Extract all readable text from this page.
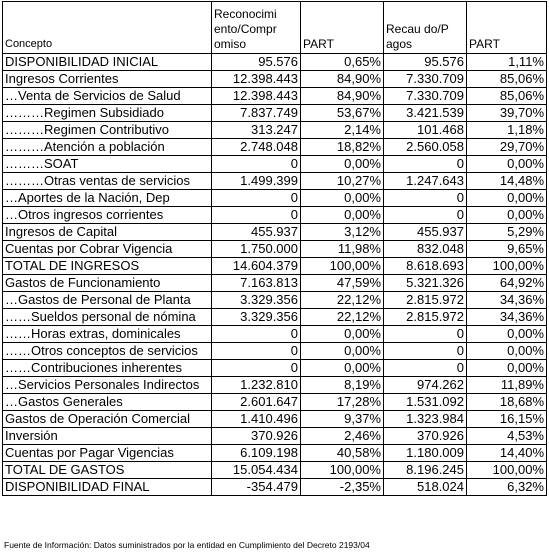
Concepto	Reconocimi ento/Compr omiso	PART	Recau do/P agos	PART
DISPONIBILIDAD INICIAL	95.576	0,65%	95.576	1,11%
Ingresos Corrientes	12.398.443	84,90%	7.330.709	85,06%
…Venta de Servicios de Salud	12.398.443	84,90%	7.330.709	85,06%
………Regimen Subsidiado	7.837.749	53,67%	3.421.539	39,70%
………Regimen Contributivo	313.247	2,14%	101.468	1,18%
………Atención a población	2.748.048	18,82%	2.560.058	29,70%
………SOAT	0	0,00%	0	0,00%
………Otras ventas de servicios	1.499.399	10,27%	1.247.643	14,48%
…Aportes de la Nación, Dep	0	0,00%	0	0,00%
…Otros ingresos corrientes	0	0,00%	0	0,00%
Ingresos de Capital	455.937	3,12%	455.937	5,29%
Cuentas por Cobrar Vigencia	1.750.000	11,98%	832.048	9,65%
TOTAL DE INGRESOS	14.604.379	100,00%	8.618.693	100,00%
Gastos de Funcionamiento	7.163.813	47,59%	5.321.326	64,92%
…Gastos de Personal de Planta	3.329.356	22,12%	2.815.972	34,36%
……Sueldos personal de nómina	3.329.356	22,12%	2.815.972	34,36%
……Horas extras, dominicales	0	0,00%	0	0,00%
……Otros conceptos de servicios	0	0,00%	0	0,00%
……Contribuciones inherentes	0	0,00%	0	0,00%
…Servicios Personales Indirectos	1.232.810	8,19%	974.262	11,89%
…Gastos Generales	2.601.647	17,28%	1.531.092	18,68%
Gastos de Operación Comercial	1.410.496	9,37%	1.323.984	16,15%
Inversión	370.926	2,46%	370.926	4,53%
Cuentas por Pagar Vigencias	6.109.198	40,58%	1.180.009	14,40%
TOTAL DE GASTOS	15.054.434	100,00%	8.196.245	100,00%
DISPONIBILIDAD FINAL	-354.479	-2,35%	518.024	6,32%
Fuente de Información: Datos suministrados por la entidad en Cumplimiento del Decreto 2193/04
